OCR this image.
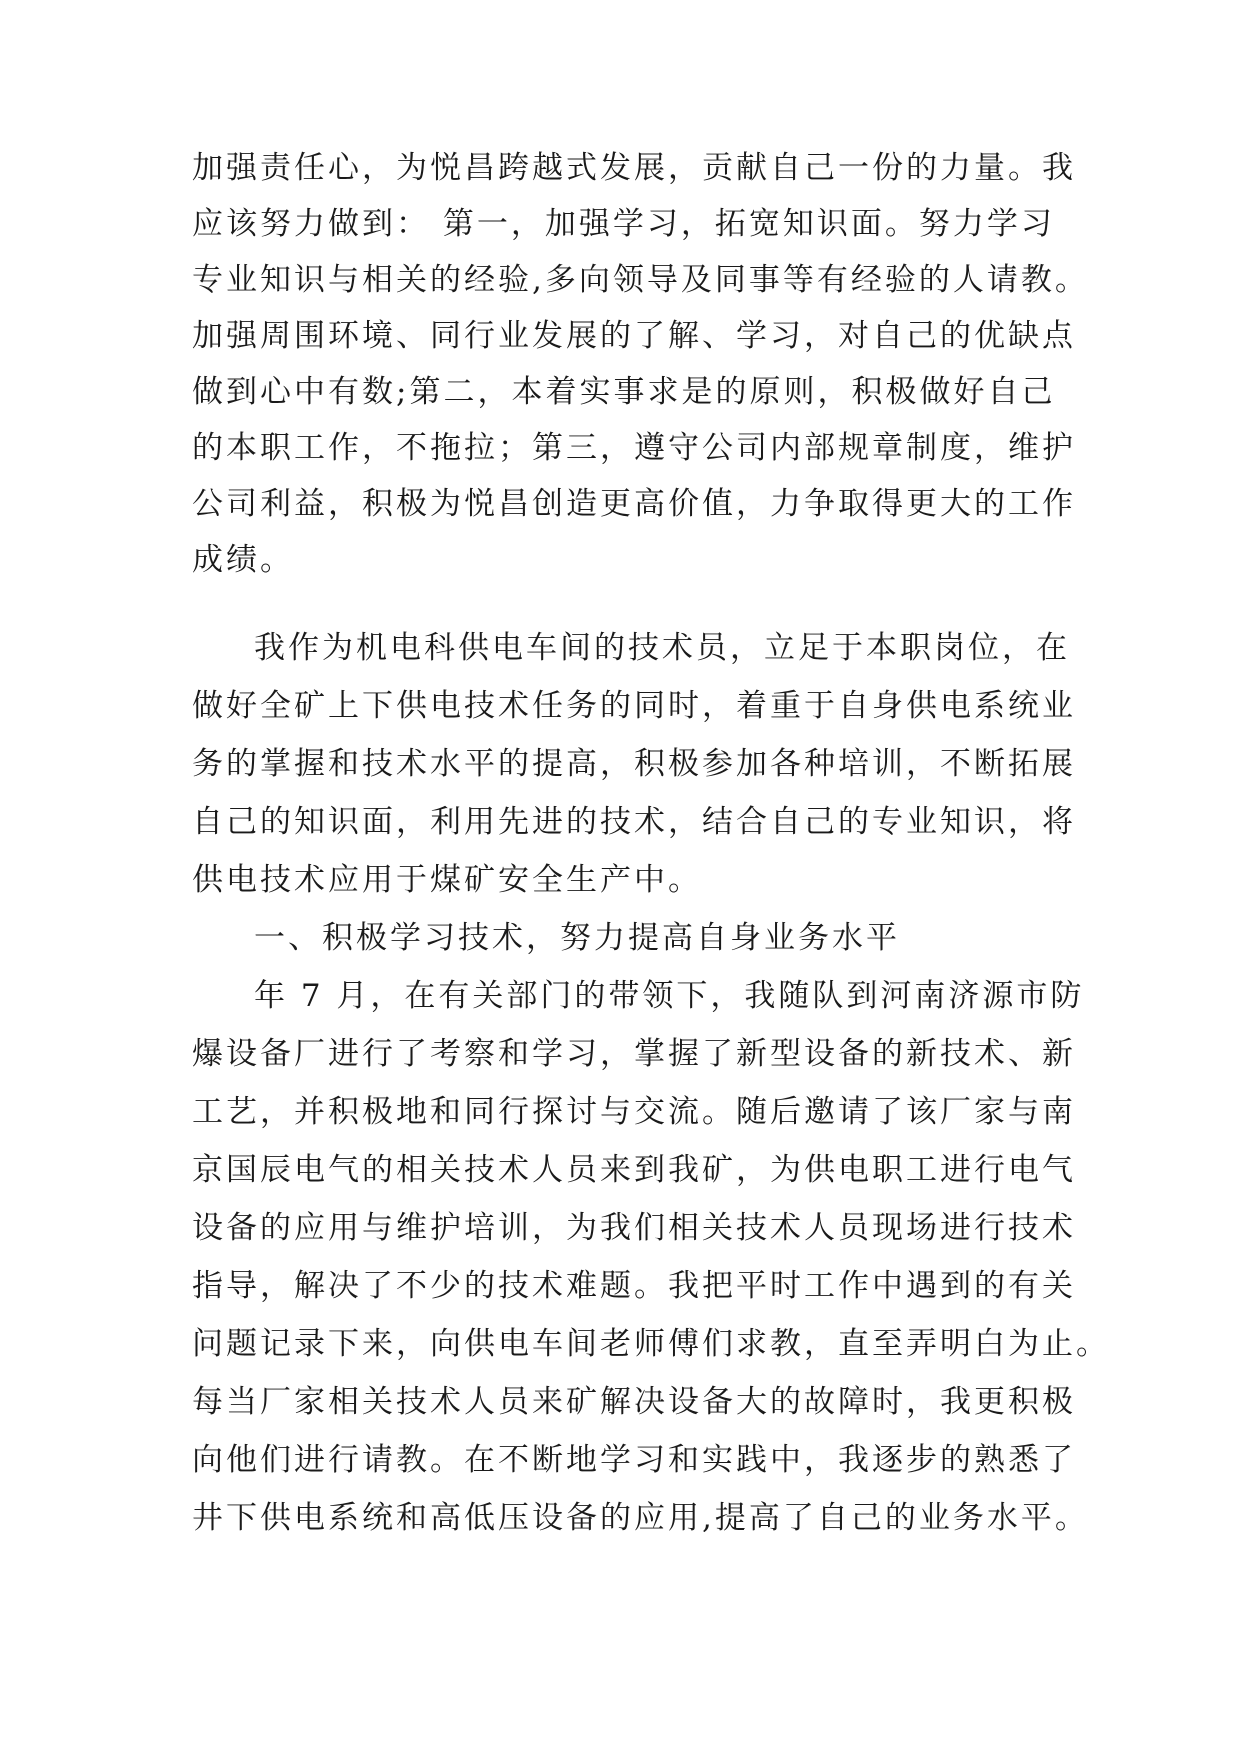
加强责任心，为悦昌跨越式发展，贡献自己一份的力量。我
应该努力做到： 第一，加强学习，拓宽知识面。努力学习
专业知识与相关的经验,多向领导及同事等有经验的人请教。
加强周围环境、同行业发展的了解、学习，对自己的优缺点
做到心中有数;第二，本着实事求是的原则，积极做好自己
的本职工作，不拖拉；第三，遵守公司内部规章制度，维护
公司利益，积极为悦昌创造更高价值，力争取得更大的工作
成绩。
我作为机电科供电车间的技术员，立足于本职岗位，在
做好全矿上下供电技术任务的同时，着重于自身供电系统业
务的掌握和技术水平的提高，积极参加各种培训，不断拓展
自己的知识面，利用先进的技术，结合自己的专业知识，将
供电技术应用于煤矿安全生产中。
一、积极学习技术，努力提高自身业务水平
年 7 月，在有关部门的带领下，我随队到河南济源市防
爆设备厂进行了考察和学习，掌握了新型设备的新技术、新
工艺，并积极地和同行探讨与交流。随后邀请了该厂家与南
京国辰电气的相关技术人员来到我矿，为供电职工进行电气
设备的应用与维护培训，为我们相关技术人员现场进行技术
指导，解决了不少的技术难题。我把平时工作中遇到的有关
问题记录下来，向供电车间老师傅们求教，直至弄明白为止。
每当厂家相关技术人员来矿解决设备大的故障时，我更积极
向他们进行请教。在不断地学习和实践中，我逐步的熟悉了
井下供电系统和高低压设备的应用,提高了自己的业务水平。
